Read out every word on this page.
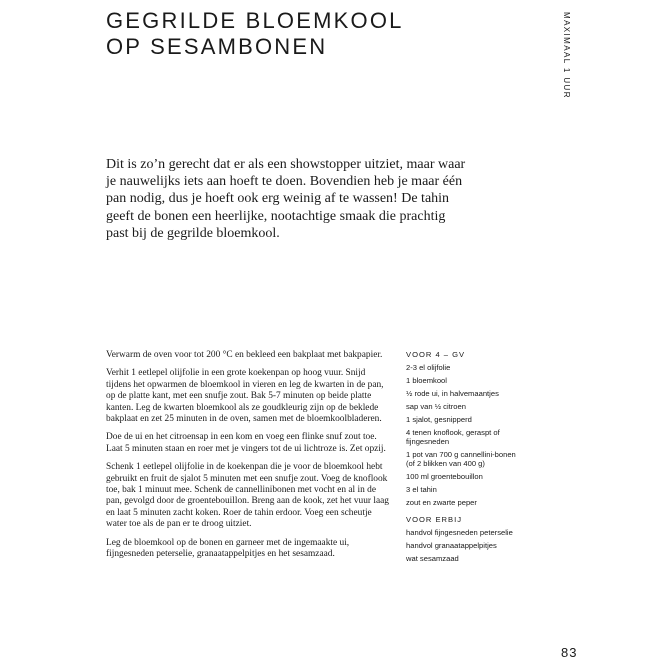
GEGRILDE BLOEMKOOL
OP SESAMBONEN	MAXIMAAL 1 UUR

Dit is zo’n gerecht dat er als een showstopper uitziet, maar waar je nauwelijks iets aan hoeft te doen. Bovendien heb je maar één pan nodig, dus je hoeft ook erg weinig af te wassen! De tahin geeft de bonen een heerlijke, nootachtige smaak die prachtig past bij de gegrilde bloemkool.

Verwarm de oven voor tot 200 °C en bekleed een bakplaat met bakpapier.

Verhit 1 eetlepel olijfolie in een grote koekenpan op hoog vuur. Snijd tijdens het opwarmen de bloemkool in vieren en leg de kwarten in de pan, op de platte kant, met een snufje zout. Bak 5-7 minuten op beide platte kanten. Leg de kwarten bloemkool als ze goudkleurig zijn op de beklede bakplaat en zet 25 minuten in de oven, samen met de bloemkoolbladeren.

Doe de ui en het citroensap in een kom en voeg een flinke snuf zout toe. Laat 5 minuten staan en roer met je vingers tot de ui lichtroze is. Zet opzij.

Schenk 1 eetlepel olijfolie in de koekenpan die je voor de bloemkool hebt gebruikt en fruit de sjalot 5 minuten met een snufje zout. Voeg de knoflook toe, bak 1 minuut mee. Schenk de cannellinibonen met vocht en al in de pan, gevolgd door de groentebouillon. Breng aan de kook, zet het vuur laag en laat 5 minuten zacht koken. Roer de tahin erdoor. Voeg een scheutje water toe als de pan er te droog uitziet.

Leg de bloemkool op de bonen en garneer met de ingemaakte ui, fijngesneden peterselie, granaatappelpitjes en het sesamzaad.

VOOR 4 – GV
2-3 el olijfolie
1 bloemkool
½ rode ui, in halvemaantjes
sap van ½ citroen
1 sjalot, gesnipperd
4 tenen knoflook, geraspt of fijngesneden
1 pot van 700 g cannellini-bonen (of 2 blikken van 400 g)
100 ml groentebouillon
3 el tahin
zout en zwarte peper
VOOR ERBIJ
handvol fijngesneden peterselie
handvol granaatappelpitjes
wat sesamzaad
83
